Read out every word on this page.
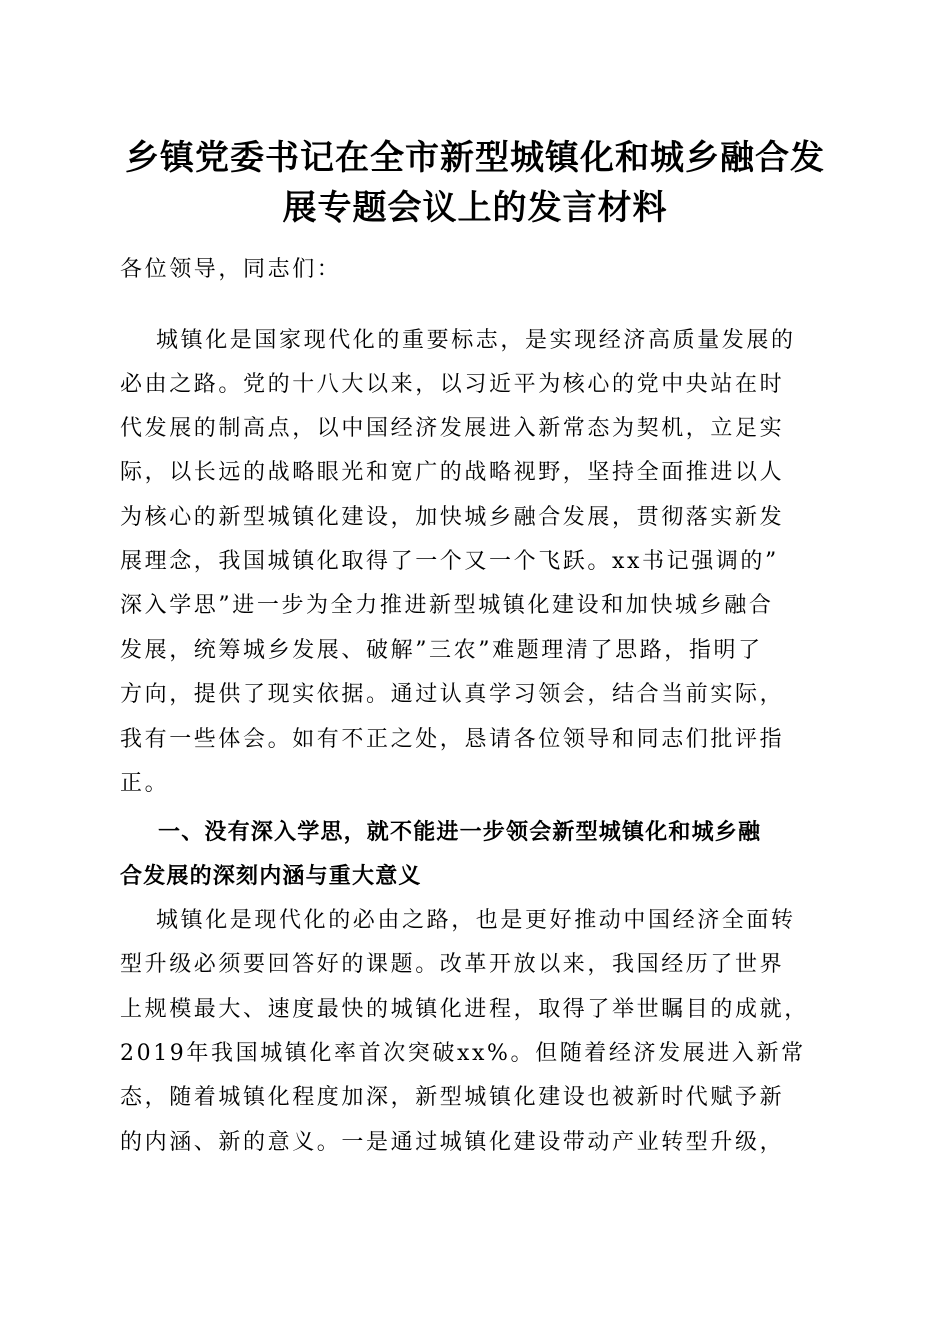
乡镇党委书记在全市新型城镇化和城乡融合发
展专题会议上的发言材料
各位领导，同志们：
城镇化是国家现代化的重要标志，是实现经济高质量发展的
必由之路。党的十八大以来，以习近平为核心的党中央站在时
代发展的制高点，以中国经济发展进入新常态为契机，立足实
际，以长远的战略眼光和宽广的战略视野，坚持全面推进以人
为核心的新型城镇化建设，加快城乡融合发展，贯彻落实新发
展理念，我国城镇化取得了一个又一个飞跃。xx书记强调的”
深入学思”进一步为全力推进新型城镇化建设和加快城乡融合
发展，统筹城乡发展、破解”三农”难题理清了思路，指明了
方向，提供了现实依据。通过认真学习领会，结合当前实际，
我有一些体会。如有不正之处，恳请各位领导和同志们批评指
正。
一、没有深入学思，就不能进一步领会新型城镇化和城乡融
合发展的深刻内涵与重大意义
城镇化是现代化的必由之路，也是更好推动中国经济全面转
型升级必须要回答好的课题。改革开放以来，我国经历了世界
上规模最大、速度最快的城镇化进程，取得了举世瞩目的成就，
2019年我国城镇化率首次突破xx%。但随着经济发展进入新常
态，随着城镇化程度加深，新型城镇化建设也被新时代赋予新
的内涵、新的意义。一是通过城镇化建设带动产业转型升级，
